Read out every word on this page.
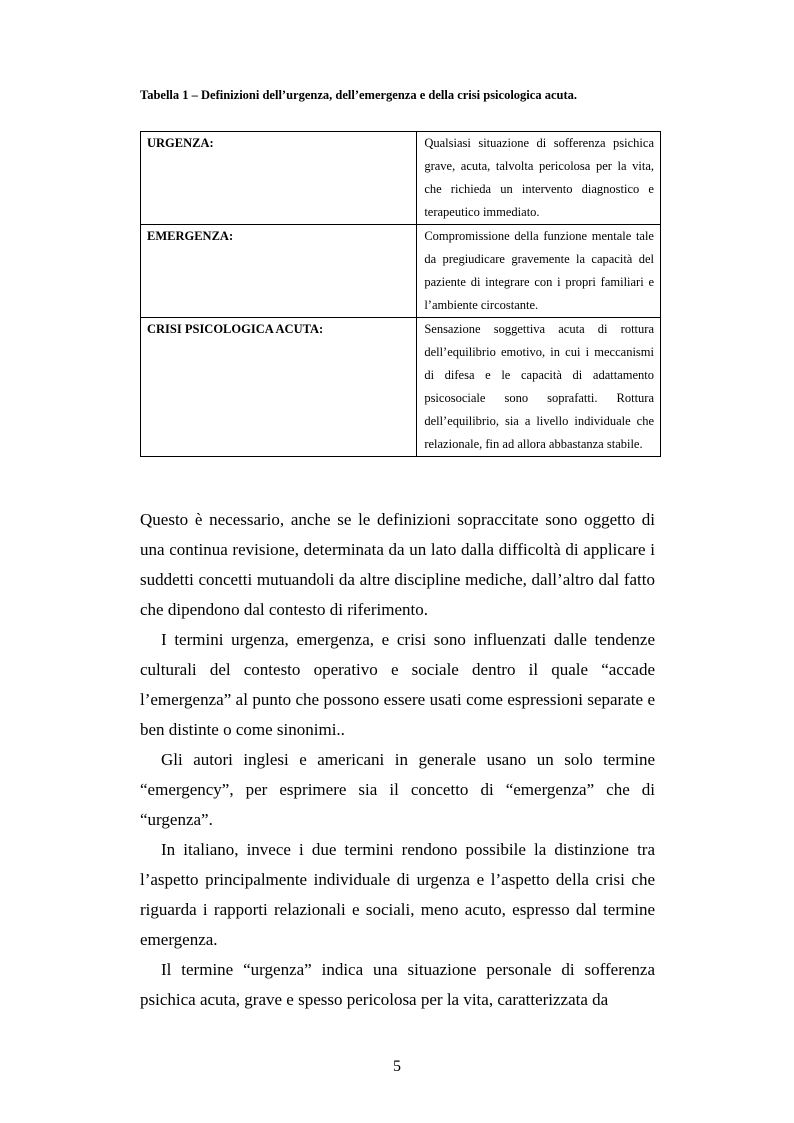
Tabella 1 – Definizioni dell’urgenza, dell’emergenza e della crisi psicologica acuta.
URGENZA:	Qualsiasi situazione di sofferenza psichica grave, acuta, talvolta pericolosa per la vita, che richieda un intervento diagnostico e terapeutico immediato.
EMERGENZA:	Compromissione della funzione mentale tale da pregiudicare gravemente la capacità del paziente di integrare con i propri familiari e l’ambiente circostante.
CRISI PSICOLOGICA ACUTA:	Sensazione soggettiva acuta di rottura dell’equilibrio emotivo, in cui i meccanismi di difesa e le capacità di adattamento psicosociale sono soprafatti. Rottura dell’equilibrio, sia a livello individuale che relazionale, fin ad allora abbastanza stabile.

Questo è necessario, anche se le definizioni sopraccitate sono oggetto di una continua revisione, determinata da un lato dalla difficoltà di applicare i suddetti concetti mutuandoli da altre discipline mediche, dall’altro dal fatto che dipendono dal contesto di riferimento.

I termini urgenza, emergenza, e crisi sono influenzati dalle tendenze culturali del contesto operativo e sociale dentro il quale “accade l’emergenza” al punto che possono essere usati come espressioni separate e ben distinte o come sinonimi..

Gli autori inglesi e americani in generale usano un solo termine “emergency”, per esprimere sia il concetto di “emergenza” che di “urgenza”.

In italiano, invece i due termini rendono possibile la distinzione tra l’aspetto principalmente individuale di urgenza e l’aspetto della crisi che riguarda i rapporti relazionali e sociali, meno acuto, espresso dal termine emergenza.

Il termine “urgenza” indica una situazione personale di sofferenza psichica acuta, grave e spesso pericolosa per la vita, caratterizzata da

5
